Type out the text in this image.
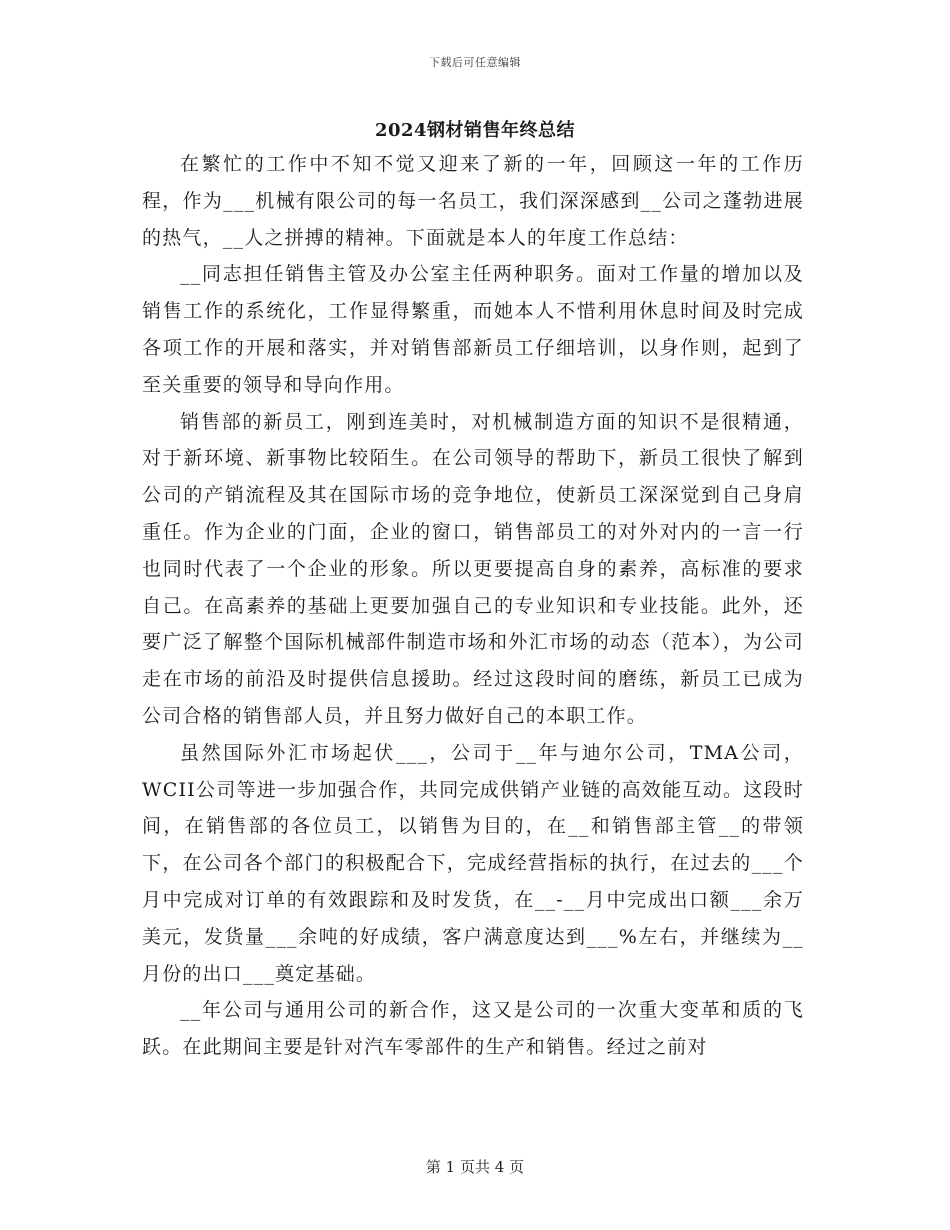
下载后可任意编辑
2024钢材销售年终总结

在繁忙的工作中不知不觉又迎来了新的一年，回顾这一年的工作历程，作为___机械有限公司的每一名员工，我们深深感到__公司之蓬勃进展的热气，__人之拼搏的精神。下面就是本人的年度工作总结：

__同志担任销售主管及办公室主任两种职务。面对工作量的增加以及销售工作的系统化，工作显得繁重，而她本人不惜利用休息时间及时完成各项工作的开展和落实，并对销售部新员工仔细培训，以身作则，起到了至关重要的领导和导向作用。

销售部的新员工，刚到连美时，对机械制造方面的知识不是很精通，对于新环境、新事物比较陌生。在公司领导的帮助下，新员工很快了解到公司的产销流程及其在国际市场的竞争地位，使新员工深深觉到自己身肩重任。作为企业的门面，企业的窗口，销售部员工的对外对内的一言一行也同时代表了一个企业的形象。所以更要提高自身的素养，高标准的要求自己。在高素养的基础上更要加强自己的专业知识和专业技能。此外，还要广泛了解整个国际机械部件制造市场和外汇市场的动态（范本），为公司走在市场的前沿及时提供信息援助。经过这段时间的磨练，新员工已成为公司合格的销售部人员，并且努力做好自己的本职工作。

虽然国际外汇市场起伏___，公司于__年与迪尔公司，TMA公司，WCII公司等进一步加强合作，共同完成供销产业链的高效能互动。这段时间，在销售部的各位员工，以销售为目的，在__和销售部主管__的带领下，在公司各个部门的积极配合下，完成经营指标的执行，在过去的___个月中完成对订单的有效跟踪和及时发货，在__-__月中完成出口额___余万美元，发货量___余吨的好成绩，客户满意度达到___%左右，并继续为__月份的出口___奠定基础。

__年公司与通用公司的新合作，这又是公司的一次重大变革和质的飞跃。在此期间主要是针对汽车零部件的生产和销售。经过之前对

第 1 页共 4 页
